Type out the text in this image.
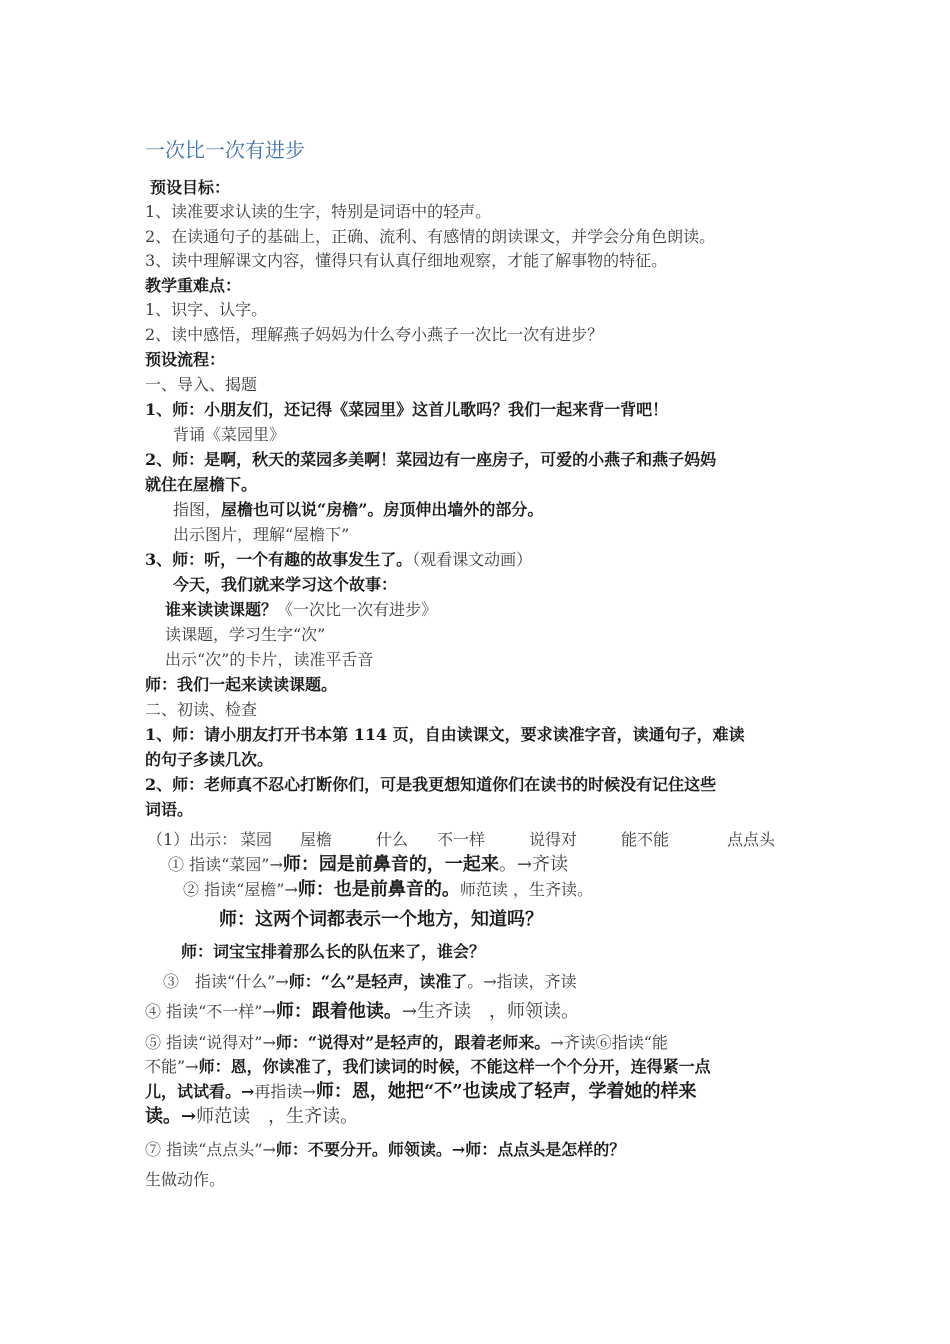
一次比一次有进步
预设目标：
1、读准要求认读的生字，特别是词语中的轻声。
2、在读通句子的基础上，正确、流利、有感情的朗读课文，并学会分角色朗读。
3、读中理解课文内容，懂得只有认真仔细地观察，才能了解事物的特征。
教学重难点：
1、识字、认字。
2、读中感悟，理解燕子妈妈为什么夸小燕子一次比一次有进步？
预设流程：
一、导入、揭题
1、师：小朋友们，还记得《菜园里》这首儿歌吗？我们一起来背一背吧！
背诵《菜园里》
2、师：是啊，秋天的菜园多美啊！菜园边有一座房子，可爱的小燕子和燕子妈妈
就住在屋檐下。
指图，屋檐也可以说“房檐”。房顶伸出墙外的部分。
出示图片，理解“屋檐下”
3、师：听，一个有趣的故事发生了。（观看课文动画）
今天，我们就来学习这个故事：
谁来读读课题？《一次比一次有进步》
读课题，学习生字“次”
出示“次”的卡片，读准平舌音
师：我们一起来读读课题。
二、初读、检查
1、师：请小朋友打开书本第 114 页，自由读课文，要求读准字音，读通句子，难读
的句子多读几次。
2、师：老师真不忍心打断你们，可是我更想知道你们在读书的时候没有记住这些
词语。
（1）出示： 菜园 屋檐	什么 不一样	说得对	能不能	点点头
① 指读“菜园”→师：园是前鼻音的，一起来。→齐读
② 指读“屋檐”→师：也是前鼻音的。师范读 ，生齐读。
师：这两个词都表示一个地方，知道吗？
师：词宝宝排着那么长的队伍来了，谁会？
③　指读“什么”→师：“么”是轻声，读准了。→指读，齐读
④ 指读“不一样”→师：跟着他读。→生齐读　，师领读。
⑤ 指读“说得对”→师：“说得对”是轻声的，跟着老师来。→齐读⑥指读“能
不能”→师：恩，你读准了，我们读词的时候，不能这样一个个分开，连得紧一点
儿，试试看。→再指读→师：恩，她把“不”也读成了轻声，学着她的样来
读。→师范读　，生齐读。
⑦ 指读“点点头”→师：不要分开。师领读。→师：点点头是怎样的？
生做动作。
